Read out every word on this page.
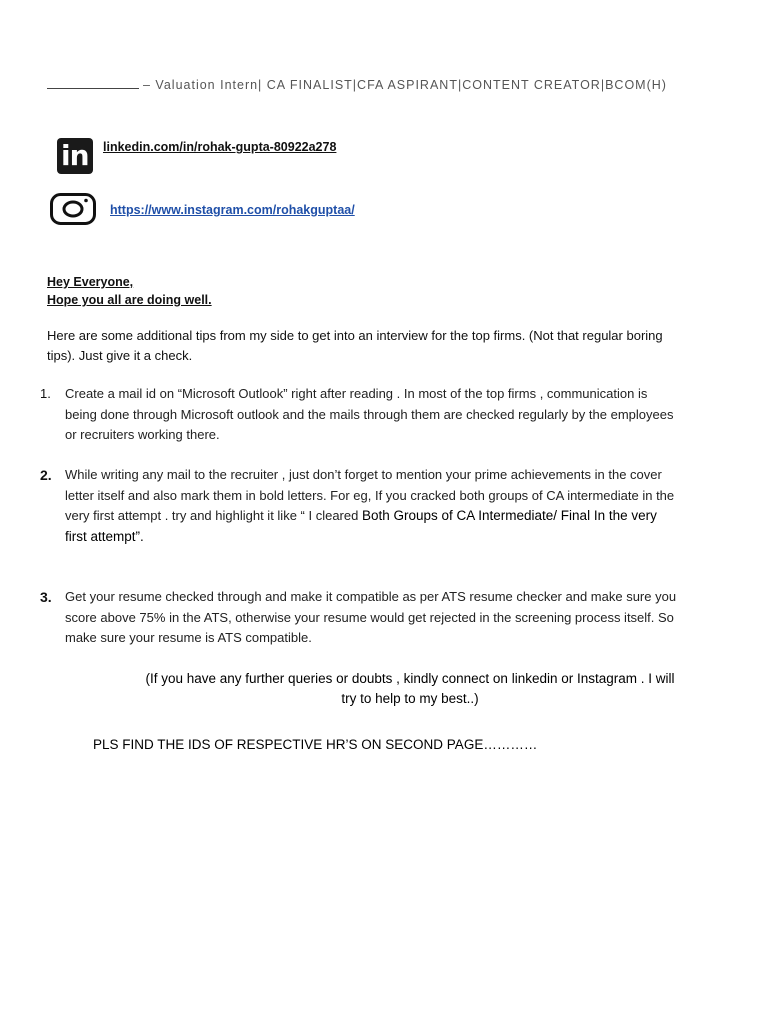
– Valuation Intern| CA FINALIST|CFA ASPIRANT|CONTENT CREATOR|BCOM(H)
in linkedin.com/in/rohak-gupta-80922a278
https://www.instagram.com/rohakguptaa/
Hey Everyone,
Hope you all are doing well.
Here are some additional tips from my side to get into an interview for the top firms. (Not that regular boring tips). Just give it a check.
1. Create a mail id on “Microsoft Outlook” right after reading . In most of the top firms , communication is being done through Microsoft outlook and the mails through them are checked regularly by the employees or recruiters working there.
2. While writing any mail to the recruiter , just don’t forget to mention your prime achievements in the cover letter itself and also mark them in bold letters. For eg, If you cracked both groups of CA intermediate in the very first attempt . try and highlight it like “ I cleared Both Groups of CA Intermediate/ Final In the very first attempt”.
3. Get your resume checked through and make it compatible as per ATS resume checker and make sure you score above 75% in the ATS, otherwise your resume would get rejected in the screening process itself. So make sure your resume is ATS compatible.
(If you have any further queries or doubts , kindly connect on linkedin or Instagram . I will try to help to my best..)
PLS FIND THE IDS OF RESPECTIVE HR’S ON SECOND PAGE…………
